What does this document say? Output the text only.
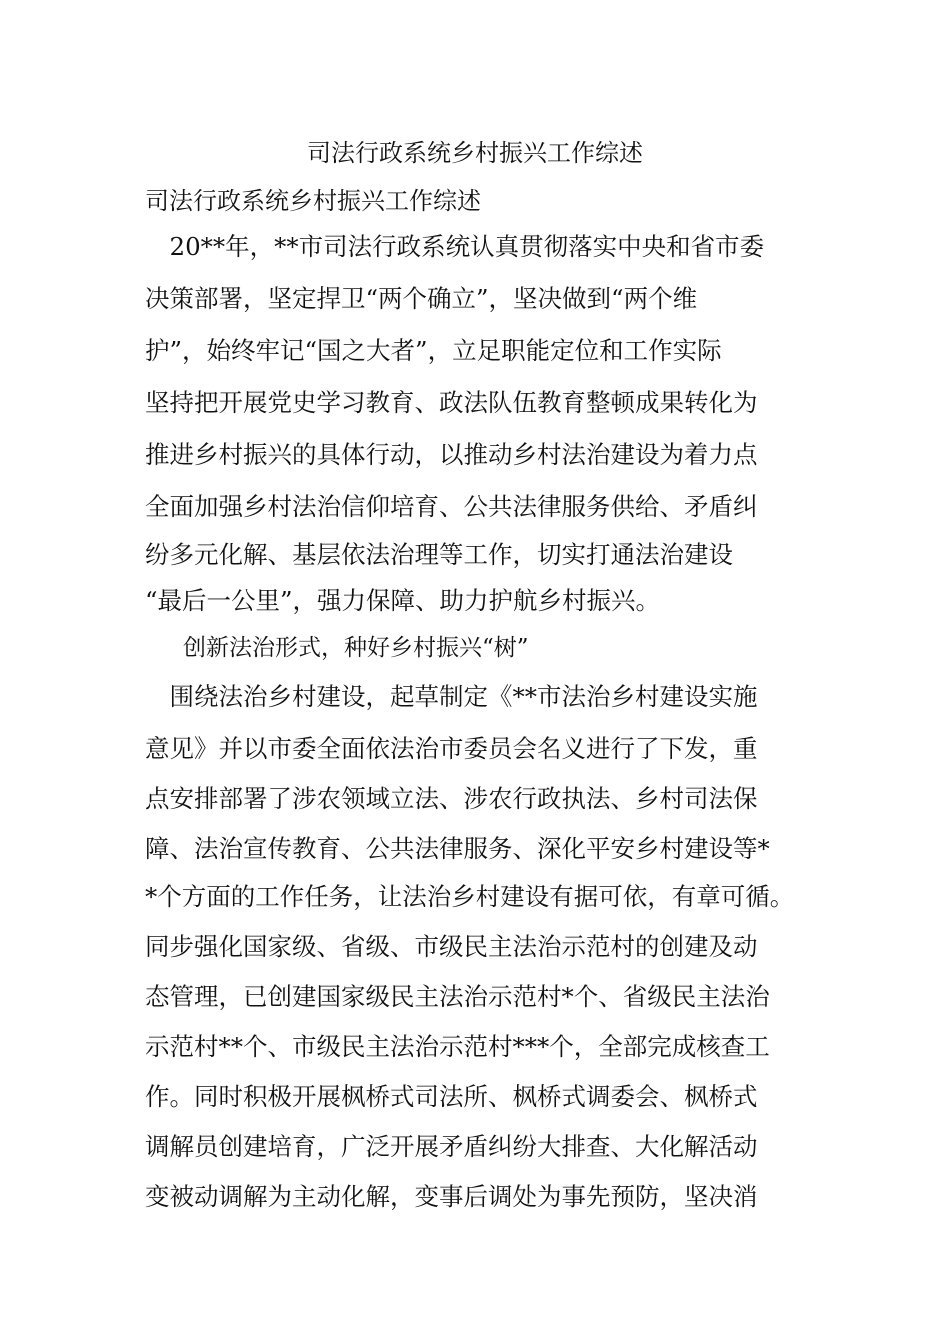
司法行政系统乡村振兴工作综述
司法行政系统乡村振兴工作综述
　20**年，**市司法行政系统认真贯彻落实中央和省市委
决策部署，坚定捍卫“两个确立”，坚决做到“两个维
护”，始终牢记“国之大者”，立足职能定位和工作实际
坚持把开展党史学习教育、政法队伍教育整顿成果转化为
推进乡村振兴的具体行动，以推动乡村法治建设为着力点
全面加强乡村法治信仰培育、公共法律服务供给、矛盾纠
纷多元化解、基层依法治理等工作，切实打通法治建设
“最后一公里”，强力保障、助力护航乡村振兴。
创新法治形式，种好乡村振兴“树”
　围绕法治乡村建设，起草制定《**市法治乡村建设实施
意见》并以市委全面依法治市委员会名义进行了下发，重
点安排部署了涉农领域立法、涉农行政执法、乡村司法保
障、法治宣传教育、公共法律服务、深化平安乡村建设等*
*个方面的工作任务，让法治乡村建设有据可依，有章可循。
同步强化国家级、省级、市级民主法治示范村的创建及动
态管理，已创建国家级民主法治示范村*个、省级民主法治
示范村**个、市级民主法治示范村***个，全部完成核查工
作。同时积极开展枫桥式司法所、枫桥式调委会、枫桥式
调解员创建培育，广泛开展矛盾纠纷大排查、大化解活动
变被动调解为主动化解，变事后调处为事先预防，坚决消
